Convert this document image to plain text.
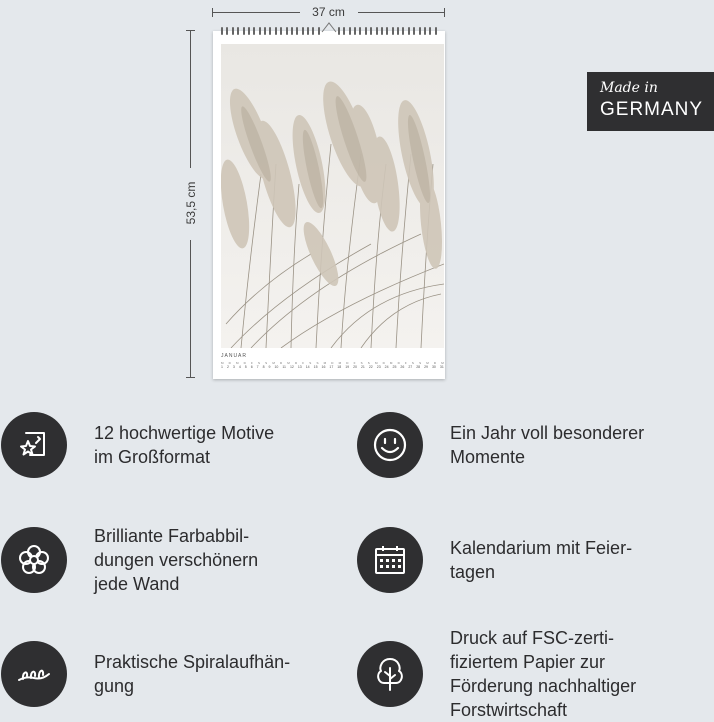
37 cm
53,5 cm
JANUAR
M D M D F S S M D M D F S S M D M D F S S M D M D F S S M D M
1 2 3 4 5 6 7 8 9 10 11 12 13 14 15 16 17 18 19 20 21 22 23 24 25 26 27 28 29 30 31
Made in
GERMANY
12 hochwertige Motive
im Großformat
Ein Jahr voll besonderer
Momente
Brilliante Farbabbil-
dungen verschönern
jede Wand
Kalendarium mit Feier-
tagen
Praktische Spiralaufhän-
gung
Druck auf FSC-zerti-
fiziertem Papier zur
Förderung nachhaltiger
Forstwirtschaft
